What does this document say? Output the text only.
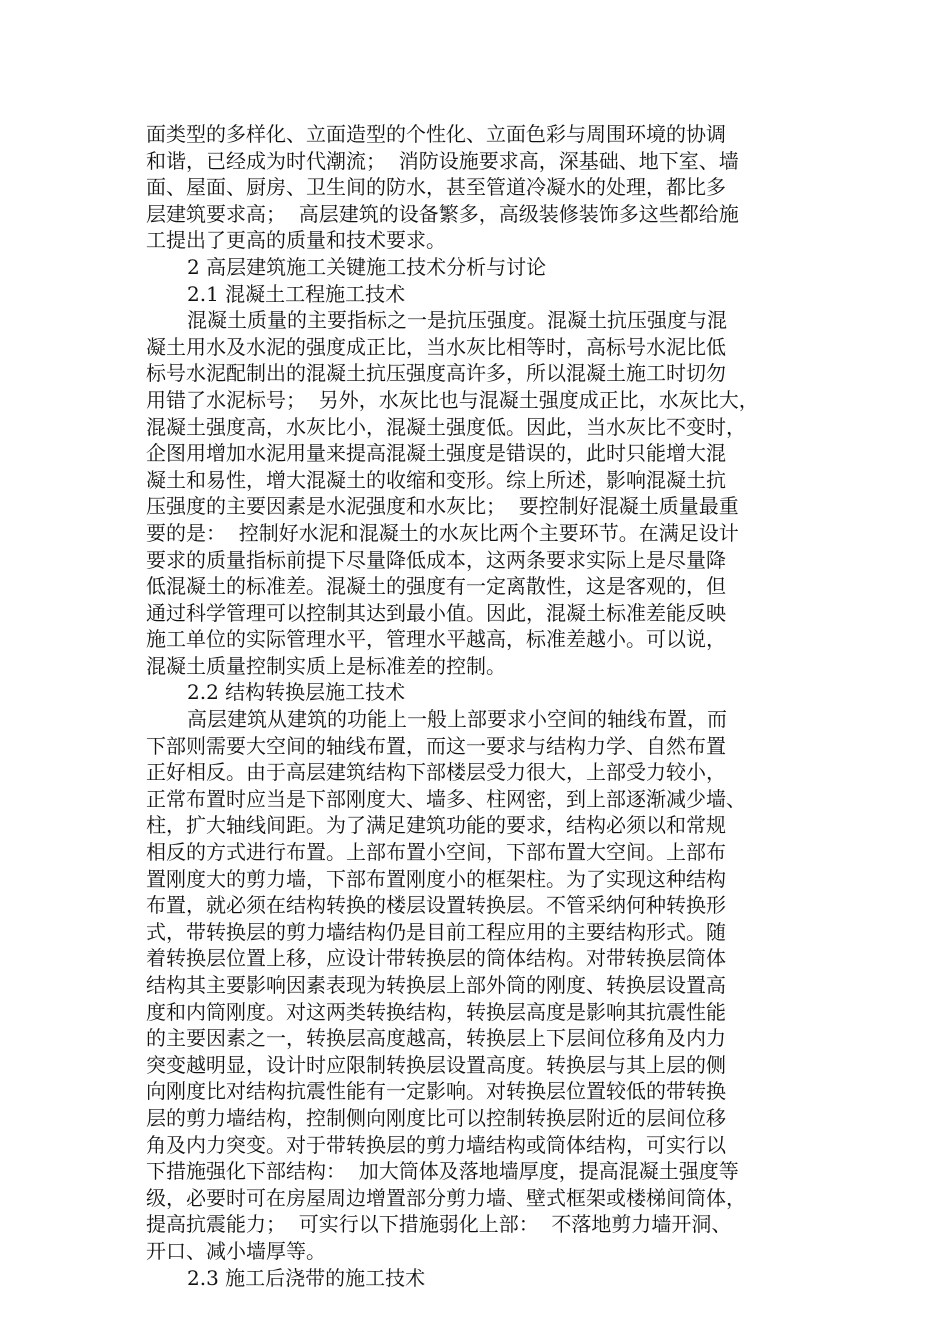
面类型的多样化、立面造型的个性化、立面色彩与周围环境的协调
和谐，已经成为时代潮流；  消防设施要求高，深基础、地下室、墙
面、屋面、厨房、卫生间的防水，甚至管道冷凝水的处理，都比多
层建筑要求高；  高层建筑的设备繁多，高级装修装饰多这些都给施
工提出了更高的质量和技术要求。
2 高层建筑施工关键施工技术分析与讨论
2.1 混凝土工程施工技术
混凝土质量的主要指标之一是抗压强度。混凝土抗压强度与混
凝土用水及水泥的强度成正比，当水灰比相等时，高标号水泥比低
标号水泥配制出的混凝土抗压强度高许多，所以混凝土施工时切勿
用错了水泥标号；  另外，水灰比也与混凝土强度成正比，水灰比大，
混凝土强度高，水灰比小，混凝土强度低。因此，当水灰比不变时，
企图用增加水泥用量来提高混凝土强度是错误的，此时只能增大混
凝土和易性，增大混凝土的收缩和变形。综上所述，影响混凝土抗
压强度的主要因素是水泥强度和水灰比；  要控制好混凝土质量最重
要的是：  控制好水泥和混凝土的水灰比两个主要环节。在满足设计
要求的质量指标前提下尽量降低成本，这两条要求实际上是尽量降
低混凝土的标准差。混凝土的强度有一定离散性，这是客观的，但
通过科学管理可以控制其达到最小值。因此，混凝土标准差能反映
施工单位的实际管理水平，管理水平越高，标准差越小。可以说，
混凝土质量控制实质上是标准差的控制。
2.2 结构转换层施工技术
高层建筑从建筑的功能上一般上部要求小空间的轴线布置，而
下部则需要大空间的轴线布置，而这一要求与结构力学、自然布置
正好相反。由于高层建筑结构下部楼层受力很大，上部受力较小，
正常布置时应当是下部刚度大、墙多、柱网密，到上部逐渐减少墙、
柱，扩大轴线间距。为了满足建筑功能的要求，结构必须以和常规
相反的方式进行布置。上部布置小空间，下部布置大空间。上部布
置刚度大的剪力墙，下部布置刚度小的框架柱。为了实现这种结构
布置，就必须在结构转换的楼层设置转换层。不管采纳何种转换形
式，带转换层的剪力墙结构仍是目前工程应用的主要结构形式。随
着转换层位置上移，应设计带转换层的筒体结构。对带转换层筒体
结构其主要影响因素表现为转换层上部外筒的刚度、转换层设置高
度和内筒刚度。对这两类转换结构，转换层高度是影响其抗震性能
的主要因素之一，转换层高度越高，转换层上下层间位移角及内力
突变越明显，设计时应限制转换层设置高度。转换层与其上层的侧
向刚度比对结构抗震性能有一定影响。对转换层位置较低的带转换
层的剪力墙结构，控制侧向刚度比可以控制转换层附近的层间位移
角及内力突变。对于带转换层的剪力墙结构或筒体结构，可实行以
下措施强化下部结构：  加大筒体及落地墙厚度，提高混凝土强度等
级，必要时可在房屋周边增置部分剪力墙、壁式框架或楼梯间筒体，
提高抗震能力；  可实行以下措施弱化上部：  不落地剪力墙开洞、
开口、减小墙厚等。
2.3 施工后浇带的施工技术
